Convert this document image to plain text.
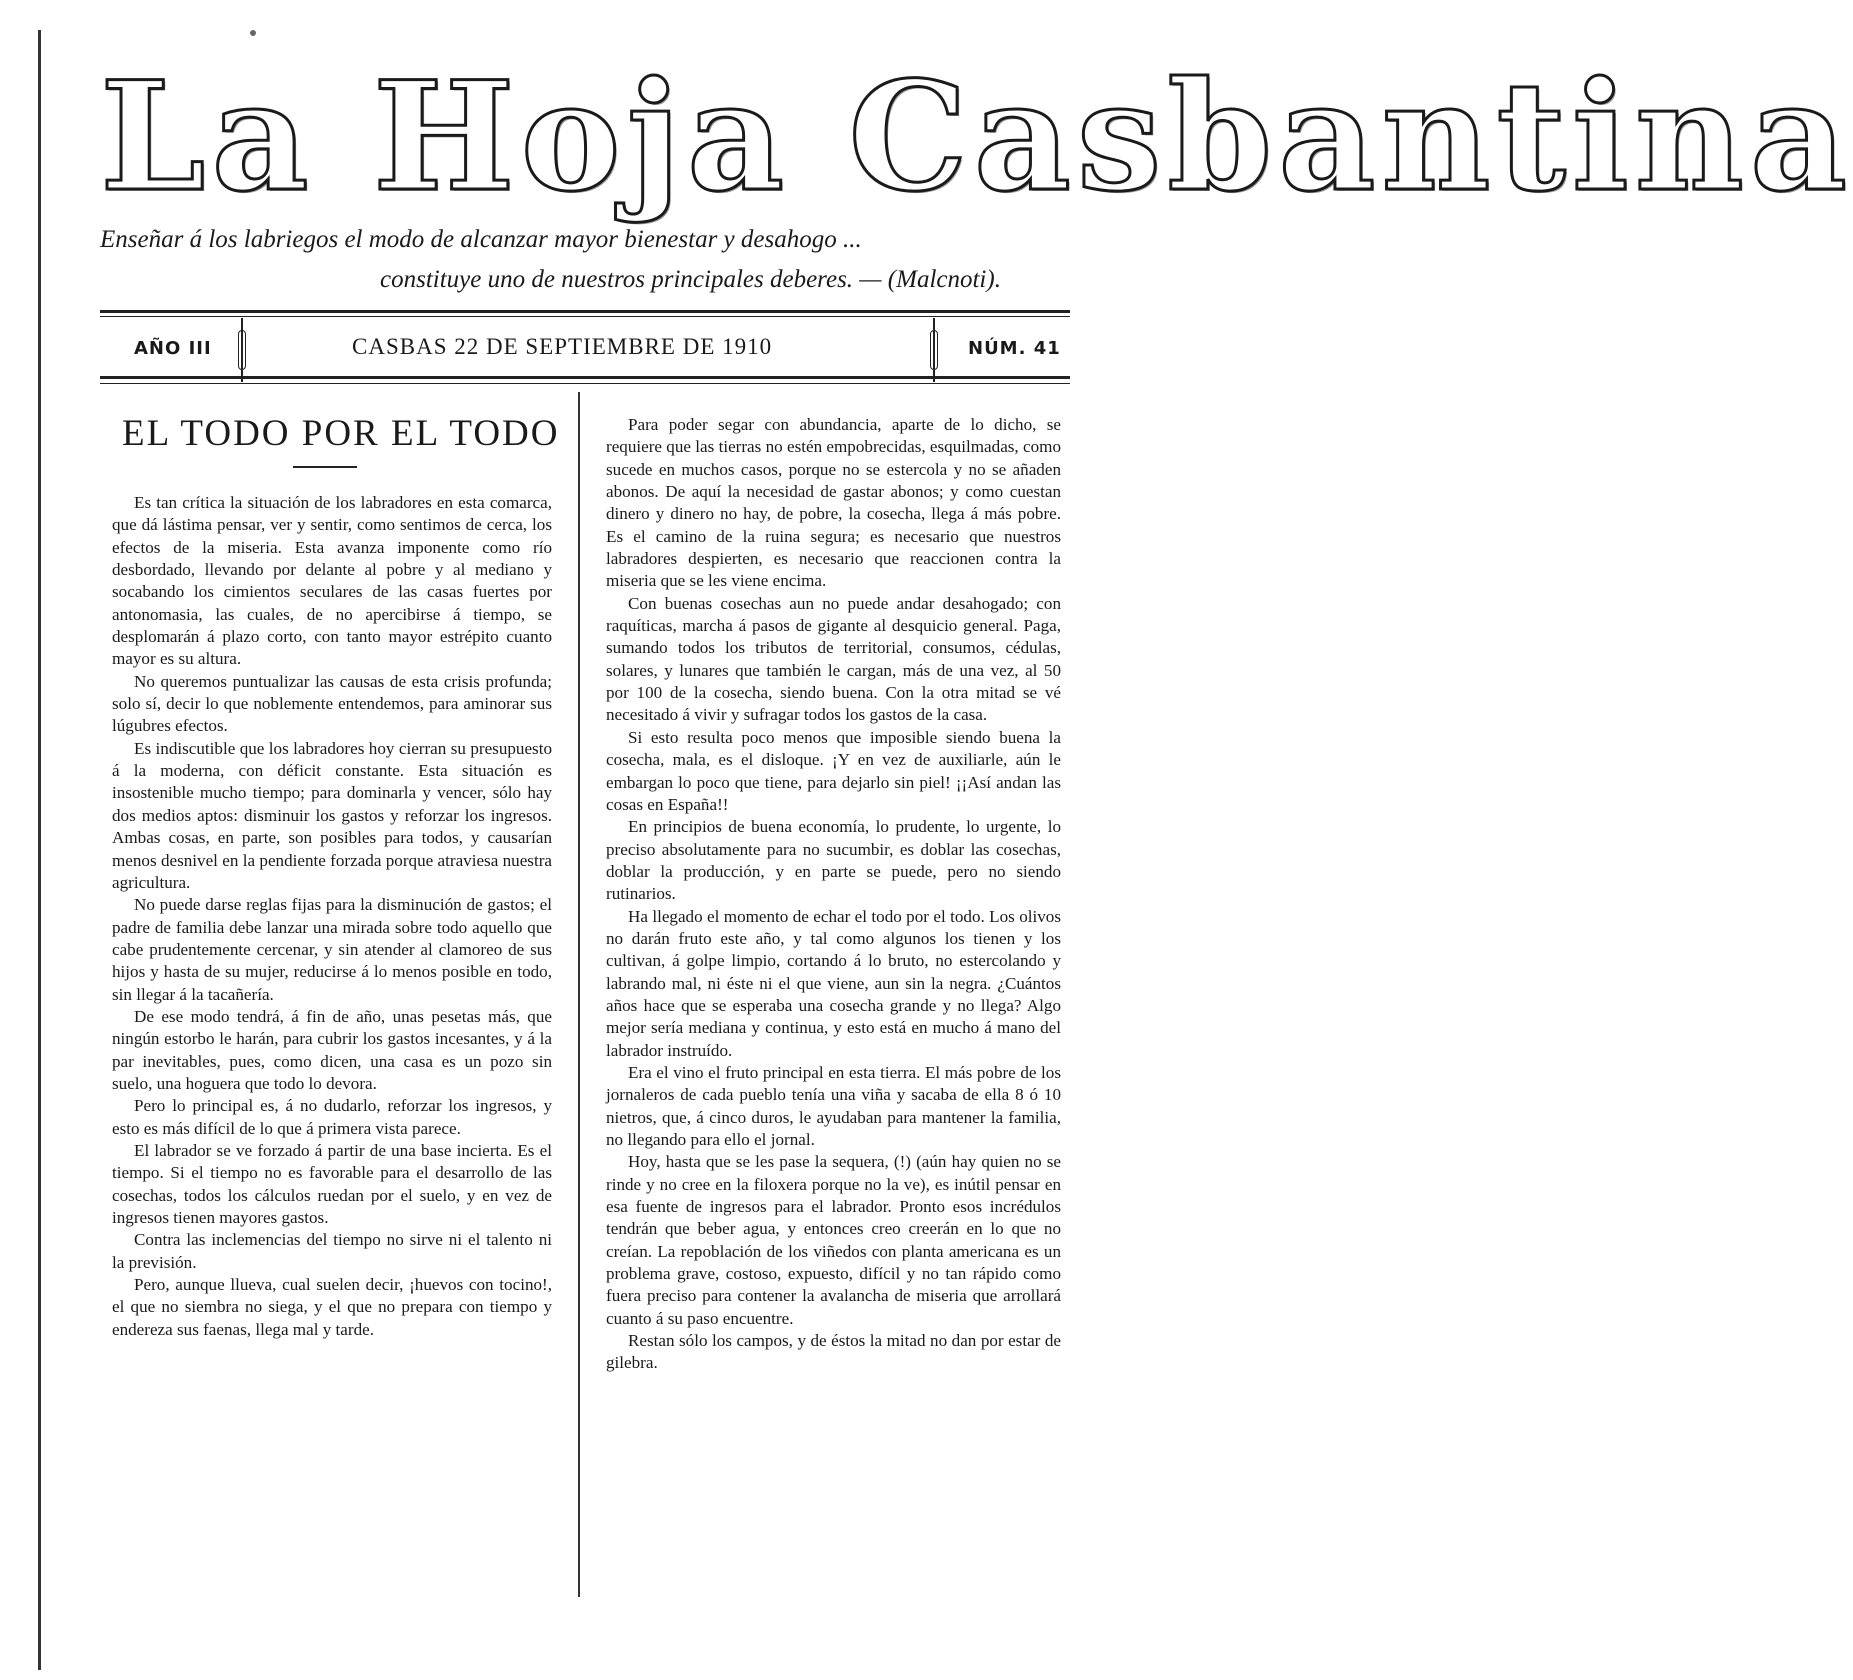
La Hoja Casbantina
Enseñar á los labriegos el modo de alcanzar mayor bienestar y desahogo ...
constituye uno de nuestros principales deberes. — (Malcnoti).
AÑO III	CASBAS 22 DE SEPTIEMBRE DE 1910	NÚM. 41
EL TODO POR EL TODO

Es tan crítica la situación de los labradores en esta comarca, que dá lástima pensar, ver y sentir, como sentimos de cerca, los efectos de la miseria. Esta avanza imponente como río desbordado, llevando por delante al pobre y al mediano y socabando los cimientos seculares de las casas fuertes por antonomasia, las cuales, de no apercibirse á tiempo, se desplomarán á plazo corto, con tanto mayor estrépito cuanto mayor es su altura.

No queremos puntualizar las causas de esta crisis profunda; solo sí, decir lo que noblemente entendemos, para aminorar sus lúgubres efectos.

Es indiscutible que los labradores hoy cierran su presupuesto á la moderna, con déficit constante. Esta situación es insostenible mucho tiempo; para dominarla y vencer, sólo hay dos medios aptos: disminuir los gastos y reforzar los ingresos. Ambas cosas, en parte, son posibles para todos, y causarían menos desnivel en la pendiente forzada porque atraviesa nuestra agricultura.

No puede darse reglas fijas para la disminución de gastos; el padre de familia debe lanzar una mirada sobre todo aquello que cabe prudentemente cercenar, y sin atender al clamoreo de sus hijos y hasta de su mujer, reducirse á lo menos posible en todo, sin llegar á la tacañería.

De ese modo tendrá, á fin de año, unas pesetas más, que ningún estorbo le harán, para cubrir los gastos incesantes, y á la par inevitables, pues, como dicen, una casa es un pozo sin suelo, una hoguera que todo lo devora.

Pero lo principal es, á no dudarlo, reforzar los ingresos, y esto es más difícil de lo que á primera vista parece.

El labrador se ve forzado á partir de una base incierta. Es el tiempo. Si el tiempo no es favorable para el desarrollo de las cosechas, todos los cálculos ruedan por el suelo, y en vez de ingresos tienen mayores gastos.

Contra las inclemencias del tiempo no sirve ni el talento ni la previsión.

Pero, aunque llueva, cual suelen decir, ¡huevos con tocino!, el que no siembra no siega, y el que no prepara con tiempo y endereza sus faenas, llega mal y tarde.

Para poder segar con abundancia, aparte de lo dicho, se requiere que las tierras no estén empobrecidas, esquilmadas, como sucede en muchos casos, porque no se estercola y no se añaden abonos. De aquí la necesidad de gastar abonos; y como cuestan dinero y dinero no hay, de pobre, la cosecha, llega á más pobre. Es el camino de la ruina segura; es necesario que nuestros labradores despierten, es necesario que reaccionen contra la miseria que se les viene encima.

Con buenas cosechas aun no puede andar desahogado; con raquíticas, marcha á pasos de gigante al desquicio general. Paga, sumando todos los tributos de territorial, consumos, cédulas, solares, y lunares que también le cargan, más de una vez, al 50 por 100 de la cosecha, siendo buena. Con la otra mitad se vé necesitado á vivir y sufragar todos los gastos de la casa.

Si esto resulta poco menos que imposible siendo buena la cosecha, mala, es el disloque. ¡Y en vez de auxiliarle, aún le embargan lo poco que tiene, para dejarlo sin piel! ¡¡Así andan las cosas en España!!

En principios de buena economía, lo prudente, lo urgente, lo preciso absolutamente para no sucumbir, es doblar las cosechas, doblar la producción, y en parte se puede, pero no siendo rutinarios.

Ha llegado el momento de echar el todo por el todo. Los olivos no darán fruto este año, y tal como algunos los tienen y los cultivan, á golpe limpio, cortando á lo bruto, no estercolando y labrando mal, ni éste ni el que viene, aun sin la negra. ¿Cuántos años hace que se esperaba una cosecha grande y no llega? Algo mejor sería mediana y continua, y esto está en mucho á mano del labrador instruído.

Era el vino el fruto principal en esta tierra. El más pobre de los jornaleros de cada pueblo tenía una viña y sacaba de ella 8 ó 10 nietros, que, á cinco duros, le ayudaban para mantener la familia, no llegando para ello el jornal.

Hoy, hasta que se les pase la sequera, (!) (aún hay quien no se rinde y no cree en la filoxera porque no la ve), es inútil pensar en esa fuente de ingresos para el labrador. Pronto esos incrédulos tendrán que beber agua, y entonces creo creerán en lo que no creían. La repoblación de los viñedos con planta americana es un problema grave, costoso, expuesto, difícil y no tan rápido como fuera preciso para contener la avalancha de miseria que arrollará cuanto á su paso encuentre.

Restan sólo los campos, y de éstos la mitad no dan por estar de gilebra.
